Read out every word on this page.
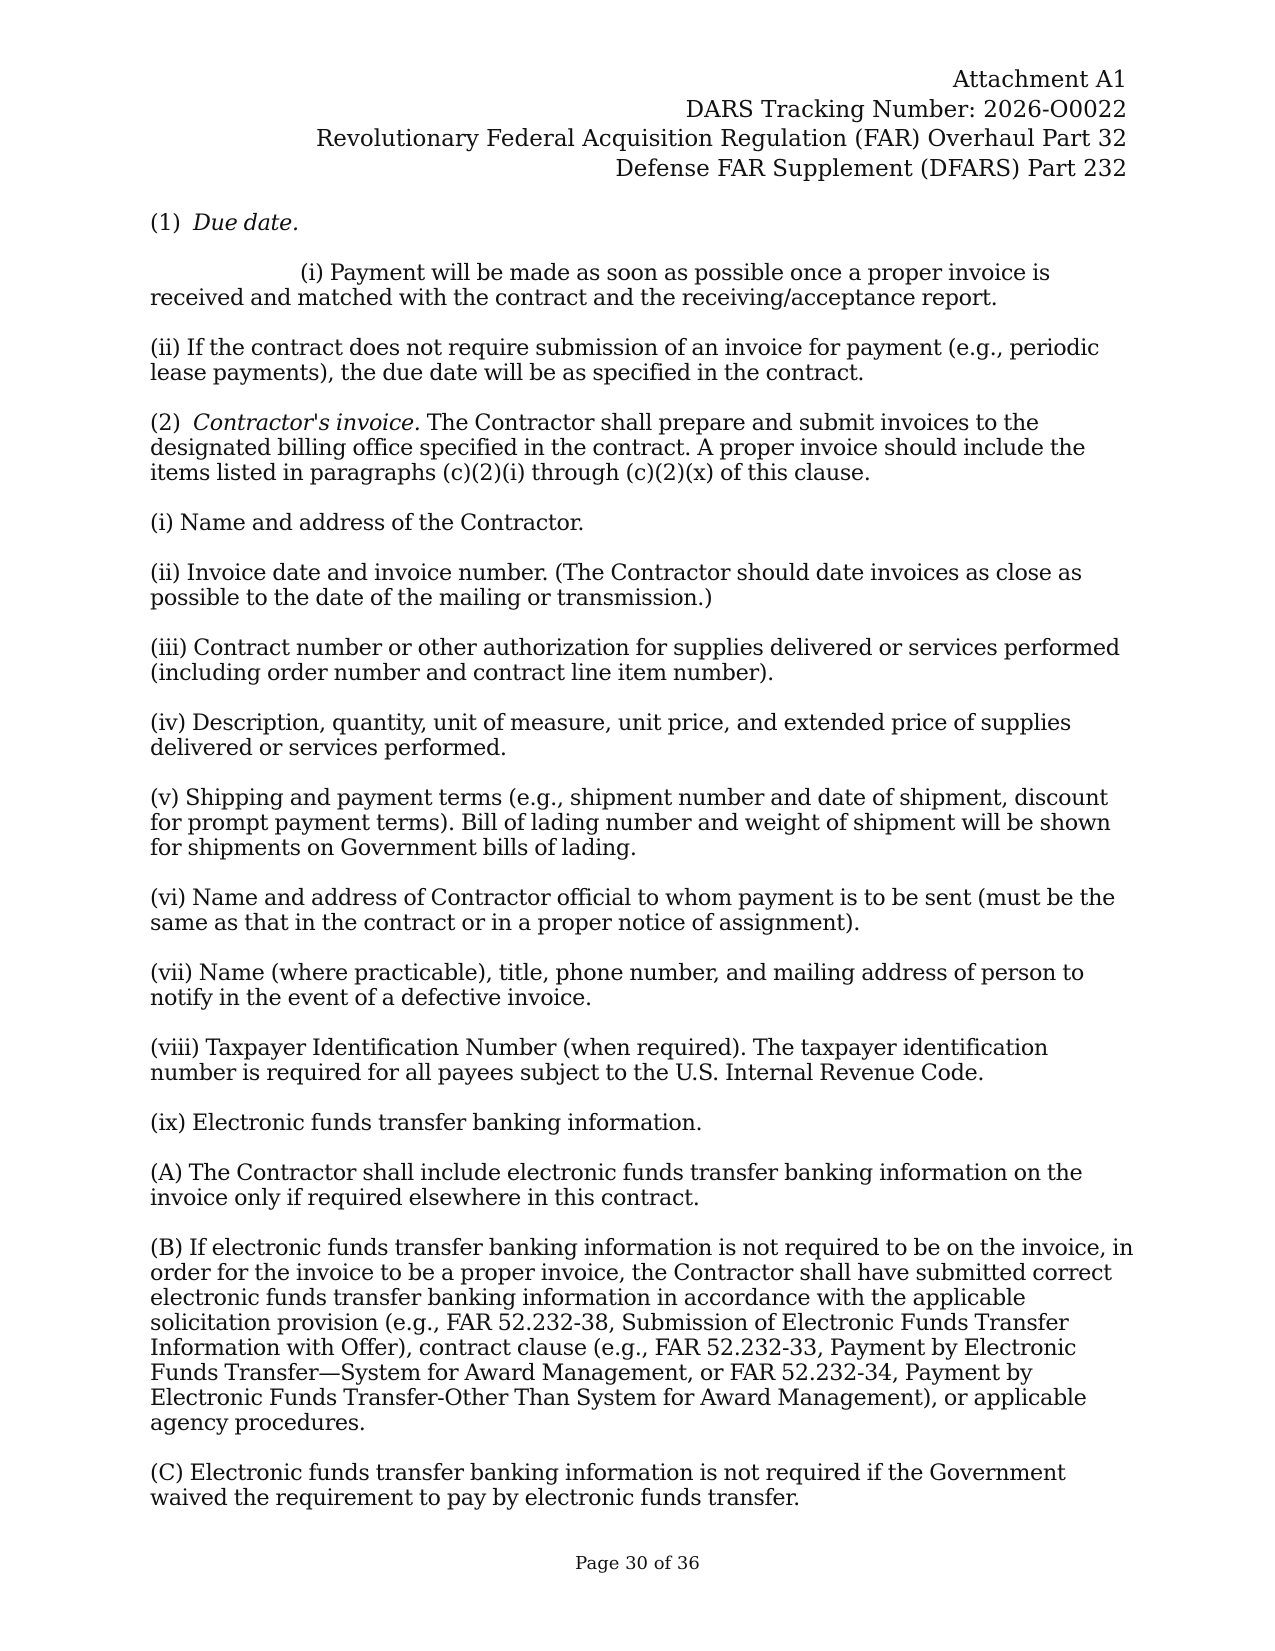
Attachment A1
DARS Tracking Number: 2026-O0022
Revolutionary Federal Acquisition Regulation (FAR) Overhaul Part 32
Defense FAR Supplement (DFARS) Part 232

(1) Due date.

(i) Payment will be made as soon as possible once a proper invoice is received and matched with the contract and the receiving/acceptance report.

(ii) If the contract does not require submission of an invoice for payment (e.g., periodic lease payments), the due date will be as specified in the contract.

(2) Contractor's invoice. The Contractor shall prepare and submit invoices to the designated billing office specified in the contract. A proper invoice should include the items listed in paragraphs (c)(2)(i) through (c)(2)(x) of this clause.

(i) Name and address of the Contractor.

(ii) Invoice date and invoice number. (The Contractor should date invoices as close as possible to the date of the mailing or transmission.)

(iii) Contract number or other authorization for supplies delivered or services performed (including order number and contract line item number).

(iv) Description, quantity, unit of measure, unit price, and extended price of supplies delivered or services performed.

(v) Shipping and payment terms (e.g., shipment number and date of shipment, discount for prompt payment terms). Bill of lading number and weight of shipment will be shown for shipments on Government bills of lading.

(vi) Name and address of Contractor official to whom payment is to be sent (must be the same as that in the contract or in a proper notice of assignment).

(vii) Name (where practicable), title, phone number, and mailing address of person to notify in the event of a defective invoice.

(viii) Taxpayer Identification Number (when required). The taxpayer identification number is required for all payees subject to the U.S. Internal Revenue Code.

(ix) Electronic funds transfer banking information.

(A) The Contractor shall include electronic funds transfer banking information on the invoice only if required elsewhere in this contract.

(B) If electronic funds transfer banking information is not required to be on the invoice, in order for the invoice to be a proper invoice, the Contractor shall have submitted correct electronic funds transfer banking information in accordance with the applicable solicitation provision (e.g., FAR 52.232-38, Submission of Electronic Funds Transfer Information with Offer), contract clause (e.g., FAR 52.232-33, Payment by Electronic Funds Transfer—System for Award Management, or FAR 52.232-34, Payment by Electronic Funds Transfer-Other Than System for Award Management), or applicable agency procedures.

(C) Electronic funds transfer banking information is not required if the Government waived the requirement to pay by electronic funds transfer.

Page 30 of 36
